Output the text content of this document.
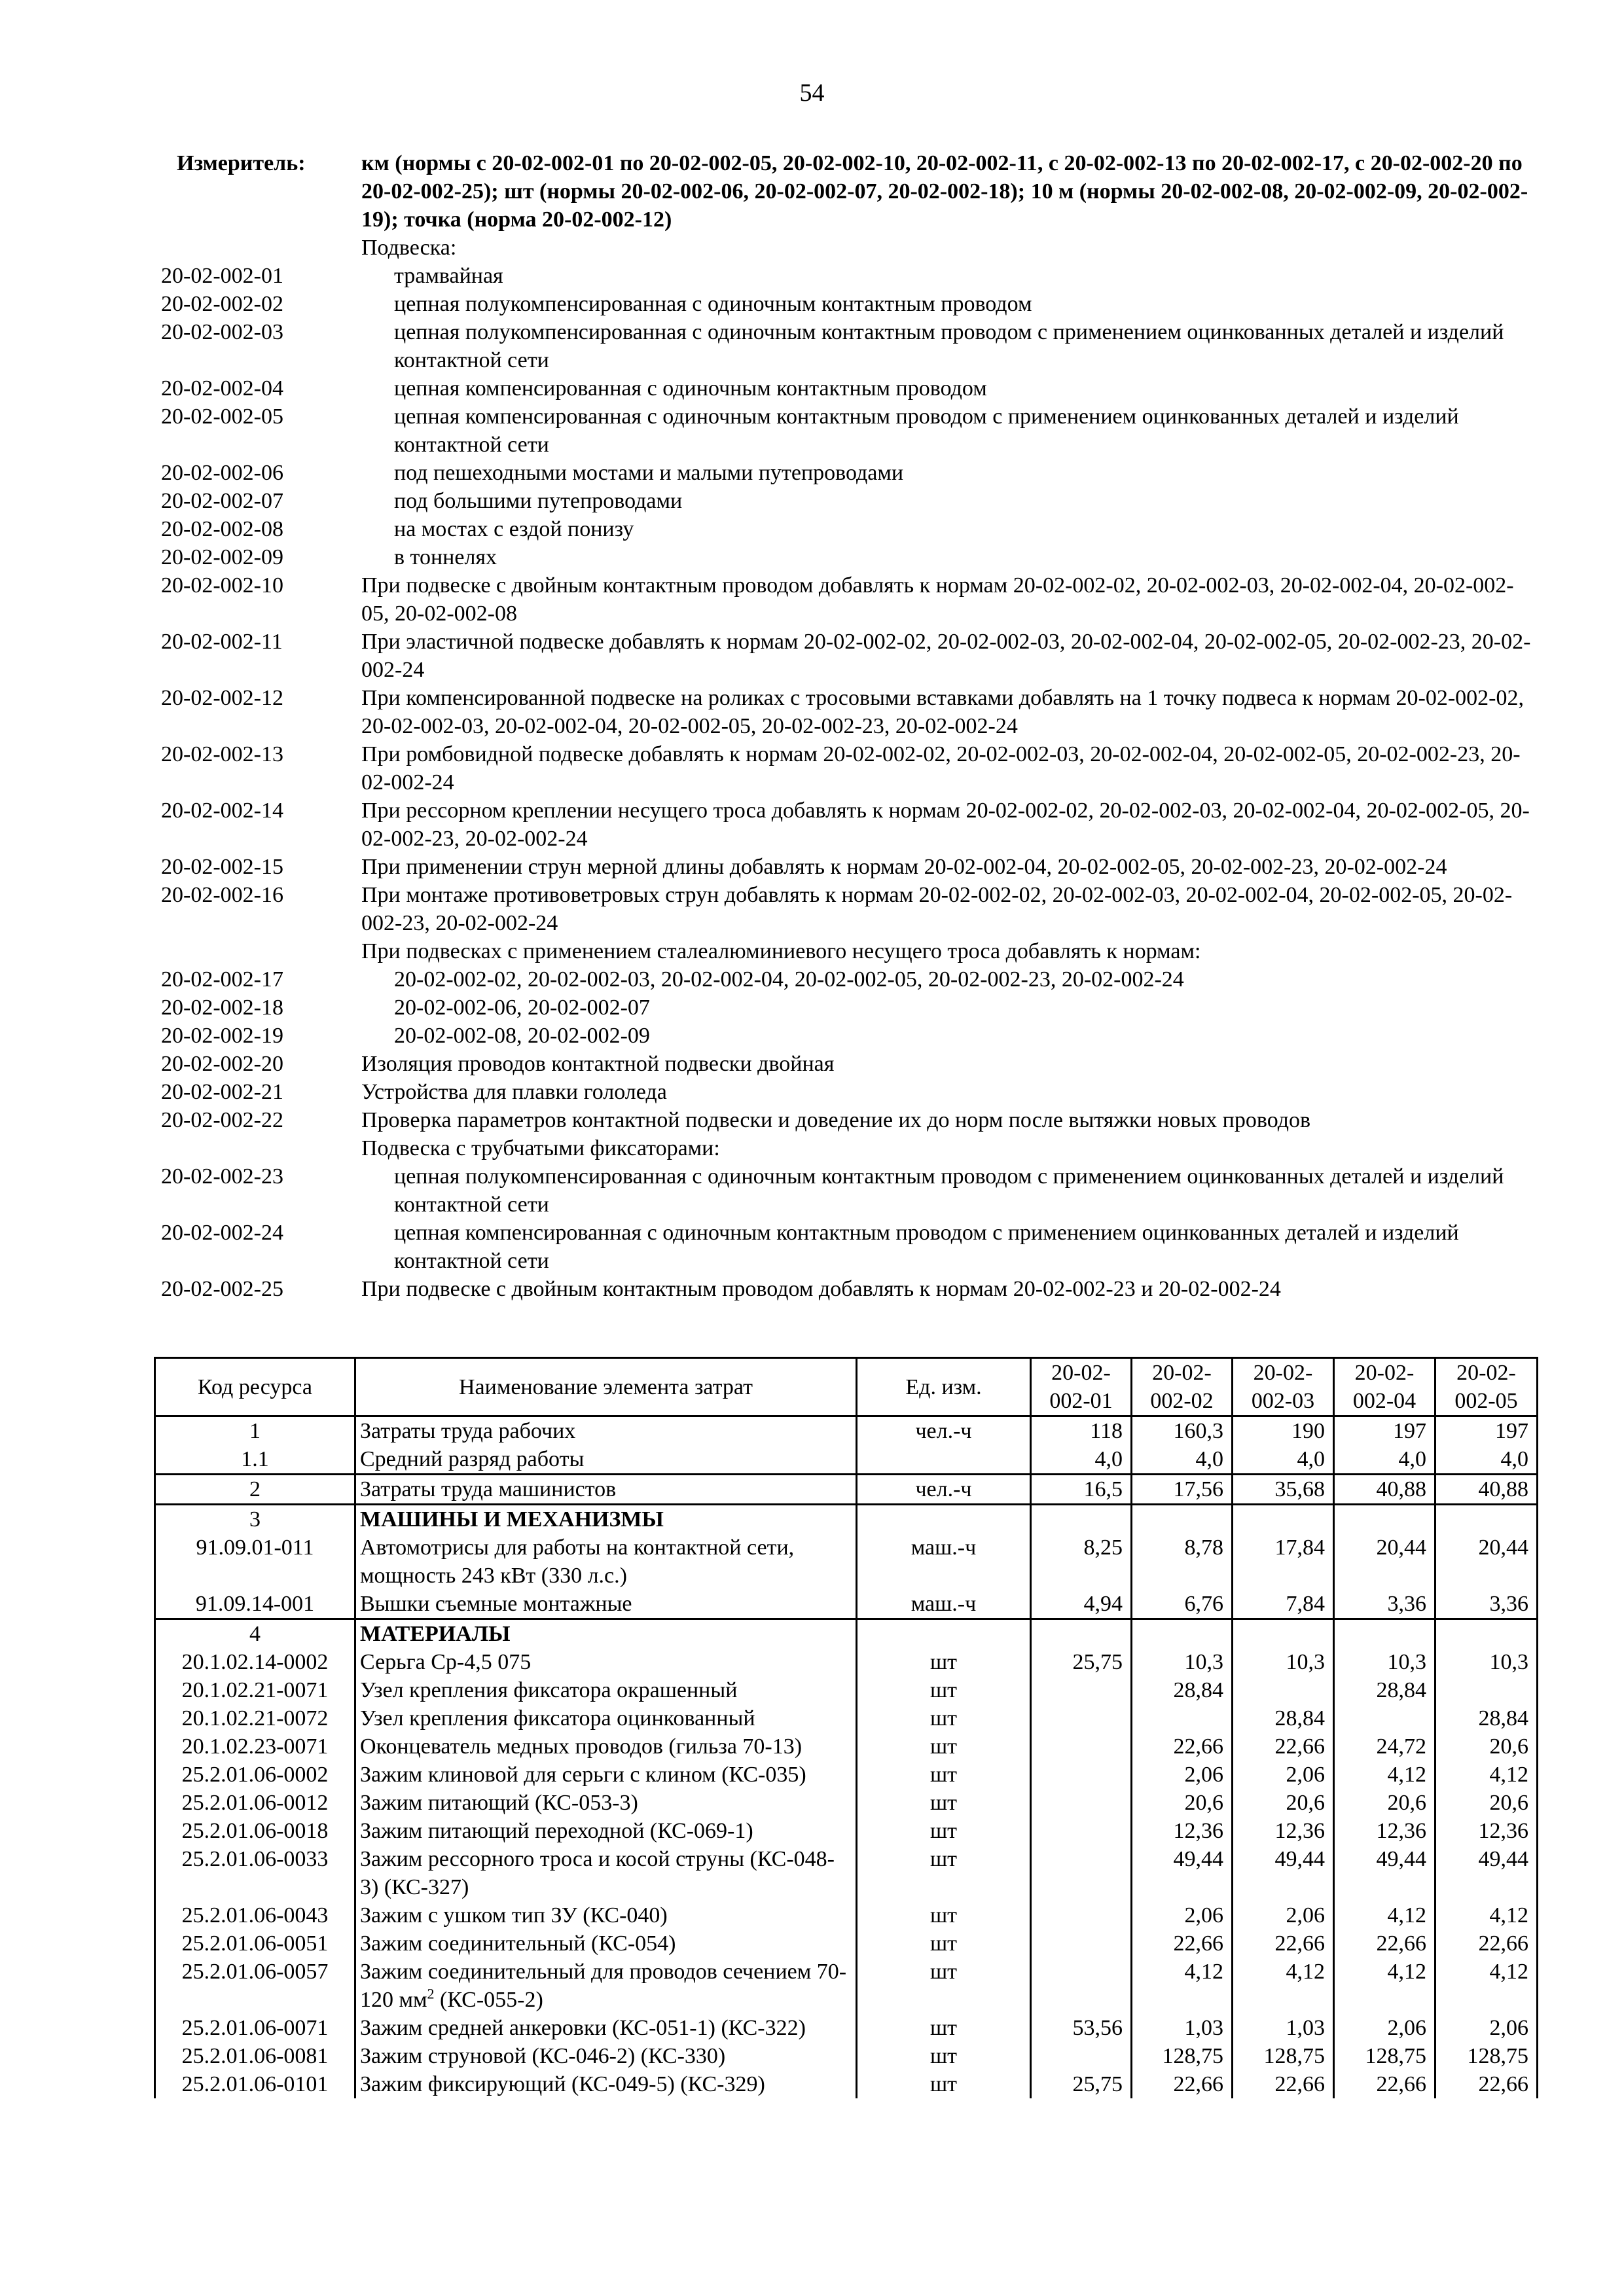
54
Измеритель:	км (нормы с 20-02-002-01 по 20-02-002-05, 20-02-002-10, 20-02-002-11, с 20-02-002-13 по 20-02-002-17, с 20-02-002-20 по 20-02-002-25); шт (нормы 20-02-002-06, 20-02-002-07, 20-02-002-18); 10 м (нормы 20-02-002-08, 20-02-002-09, 20-02-002-19); точка (норма 20-02-002-12)
Подвеска:
20-02-002-01	трамвайная
20-02-002-02	цепная полукомпенсированная с одиночным контактным проводом
20-02-002-03	цепная полукомпенсированная с одиночным контактным проводом с применением оцинкованных деталей и изделий контактной сети
20-02-002-04	цепная компенсированная с одиночным контактным проводом
20-02-002-05	цепная компенсированная с одиночным контактным проводом с применением оцинкованных деталей и изделий контактной сети
20-02-002-06	под пешеходными мостами и малыми путепроводами
20-02-002-07	под большими путепроводами
20-02-002-08	на мостах с ездой понизу
20-02-002-09	в тоннелях
20-02-002-10	При подвеске с двойным контактным проводом добавлять к нормам 20-02-002-02, 20-02-002-03, 20-02-002-04, 20-02-002-05, 20-02-002-08
20-02-002-11	При эластичной подвеске добавлять к нормам 20-02-002-02, 20-02-002-03, 20-02-002-04, 20-02-002-05, 20-02-002-23, 20-02-002-24
20-02-002-12	При компенсированной подвеске на роликах с тросовыми вставками добавлять на 1 точку подвеса к нормам 20-02-002-02, 20-02-002-03, 20-02-002-04, 20-02-002-05, 20-02-002-23, 20-02-002-24
20-02-002-13	При ромбовидной подвеске добавлять к нормам 20-02-002-02, 20-02-002-03, 20-02-002-04, 20-02-002-05, 20-02-002-23, 20-02-002-24
20-02-002-14	При рессорном креплении несущего троса добавлять к нормам 20-02-002-02, 20-02-002-03, 20-02-002-04, 20-02-002-05, 20-02-002-23, 20-02-002-24
20-02-002-15	При применении струн мерной длины добавлять к нормам 20-02-002-04, 20-02-002-05, 20-02-002-23, 20-02-002-24
20-02-002-16	При монтаже противоветровых струн добавлять к нормам 20-02-002-02, 20-02-002-03, 20-02-002-04, 20-02-002-05, 20-02-002-23, 20-02-002-24
При подвесках с применением сталеалюминиевого несущего троса добавлять к нормам:
20-02-002-17	20-02-002-02, 20-02-002-03, 20-02-002-04, 20-02-002-05, 20-02-002-23, 20-02-002-24
20-02-002-18	20-02-002-06, 20-02-002-07
20-02-002-19	20-02-002-08, 20-02-002-09
20-02-002-20	Изоляция проводов контактной подвески двойная
20-02-002-21	Устройства для плавки гололеда
20-02-002-22	Проверка параметров контактной подвески и доведение их до норм после вытяжки новых проводов
Подвеска с трубчатыми фиксаторами:
20-02-002-23	цепная полукомпенсированная с одиночным контактным проводом с применением оцинкованных деталей и изделий контактной сети
20-02-002-24	цепная компенсированная с одиночным контактным проводом с применением оцинкованных деталей и изделий контактной сети
20-02-002-25	При подвеске с двойным контактным проводом добавлять к нормам 20-02-002-23 и 20-02-002-24
Код ресурса	Наименование элемента затрат	Ед. изм.	20-02-002-01	20-02-002-02	20-02-002-03	20-02-002-04	20-02-002-05
1	Затраты труда рабочих	чел.-ч	118	160,3	190	197	197
1.1	Средний разряд работы		4,0	4,0	4,0	4,0	4,0
2	Затраты труда машинистов	чел.-ч	16,5	17,56	35,68	40,88	40,88
3	МАШИНЫ И МЕХАНИЗМЫ						
91.09.01-011	Автомотрисы для работы на контактной сети, мощность 243 кВт (330 л.с.)	маш.-ч	8,25	8,78	17,84	20,44	20,44
91.09.14-001	Вышки съемные монтажные	маш.-ч	4,94	6,76	7,84	3,36	3,36
4	МАТЕРИАЛЫ						
20.1.02.14-0002	Серьга Ср-4,5 075	шт	25,75	10,3	10,3	10,3	10,3
20.1.02.21-0071	Узел крепления фиксатора окрашенный	шт		28,84		28,84	
20.1.02.21-0072	Узел крепления фиксатора оцинкованный	шт			28,84		28,84
20.1.02.23-0071	Оконцеватель медных проводов (гильза 70-13)	шт		22,66	22,66	24,72	20,6
25.2.01.06-0002	Зажим клиновой для серьги с клином (КС-035)	шт		2,06	2,06	4,12	4,12
25.2.01.06-0012	Зажим питающий (КС-053-3)	шт		20,6	20,6	20,6	20,6
25.2.01.06-0018	Зажим питающий переходной (КС-069-1)	шт		12,36	12,36	12,36	12,36
25.2.01.06-0033	Зажим рессорного троса и косой струны (КС-048-3) (КС-327)	шт		49,44	49,44	49,44	49,44
25.2.01.06-0043	Зажим с ушком тип ЗУ (КС-040)	шт		2,06	2,06	4,12	4,12
25.2.01.06-0051	Зажим соединительный (КС-054)	шт		22,66	22,66	22,66	22,66
25.2.01.06-0057	Зажим соединительный для проводов сечением 70-120 $мм^2$ (КС-055-2)	шт		4,12	4,12	4,12	4,12
25.2.01.06-0071	Зажим средней анкеровки (КС-051-1) (КС-322)	шт	53,56	1,03	1,03	2,06	2,06
25.2.01.06-0081	Зажим струновой (КС-046-2) (КС-330)	шт		128,75	128,75	128,75	128,75
25.2.01.06-0101	Зажим фиксирующий (КС-049-5) (КС-329)	шт	25,75	22,66	22,66	22,66	22,66
